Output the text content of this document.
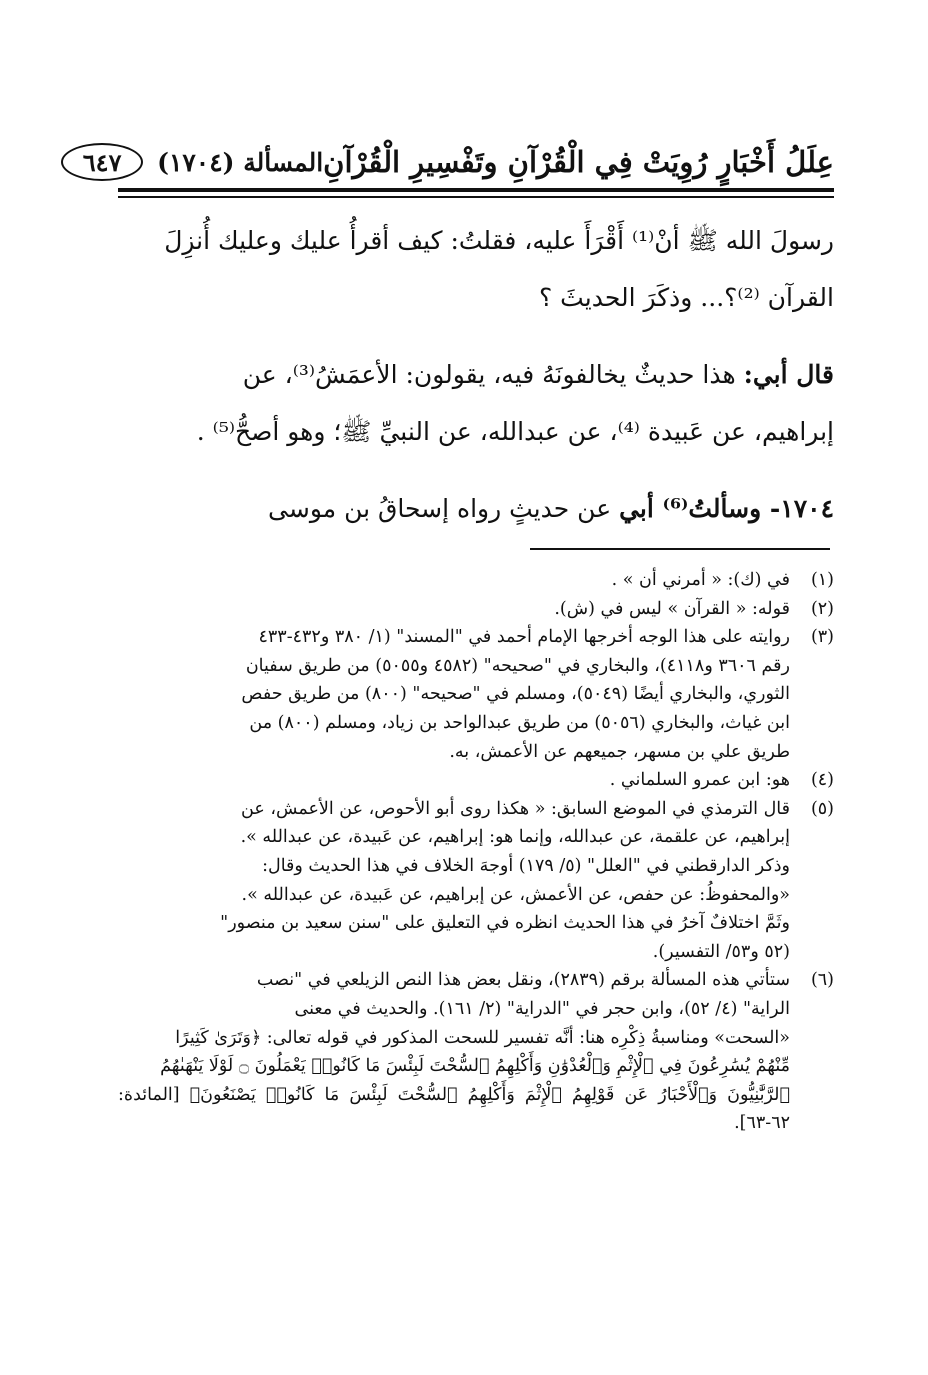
عِلَلُ أَخْبَارٍ رُوِيَتْ فِي الْقُرْآنِ وتَفْسِيرِ الْقُرْآنِ
المسألة (١٧٠٤)
٦٤٧

رسولَ الله ﷺ أنْ⁽¹⁾ أَقْرَأَ عليه، فقلتُ: كيف أقرأُ عليك وعليك أُنزِلَ

القرآن ⁽²⁾؟... وذكَرَ الحديثَ ؟

قال أبي: هذا حديثٌ يخالفونَهُ فيه، يقولون: الأعمَشُ⁽³⁾، عن

إبراهيم، عن عَبيدة ⁽⁴⁾، عن عبدالله، عن النبيِّ ﷺ؛ وهو أصحُّ⁽⁵⁾ .

١٧٠٤- وسألتُ⁽⁶⁾ أبي عن حديثٍ رواه إسحاقُ بن موسى

(١)
في (ك): « أمرني أن » .
(٢)
قوله: « القرآن » ليس في (ش).
(٣)
روايته على هذا الوجه أخرجها الإمام أحمد في "المسند" (١/ ٣٨٠ و٤٣٢-٤٣٣
رقم ٣٦٠٦ و٤١١٨)، والبخاري في "صحيحه" (٤٥٨٢ و٥٠٥٥) من طريق سفيان
الثوري، والبخاري أيضًا (٥٠٤٩)، ومسلم في "صحيحه" (٨٠٠) من طريق حفص
ابن غياث، والبخاري (٥٠٥٦) من طريق عبدالواحد بن زياد، ومسلم (٨٠٠) من
طريق علي بن مسهر، جميعهم عن الأعمش، به.
(٤)
هو: ابن عمرو السلماني .
(٥)
قال الترمذي في الموضع السابق: « هكذا روى أبو الأحوص، عن الأعمش، عن
إبراهيم، عن علقمة، عن عبدالله، وإنما هو: إبراهيم، عن عَبيدة، عن عبدالله ».
وذكر الدارقطني في "العلل" (٥/ ١٧٩) أوجهَ الخلاف في هذا الحديث وقال:
«والمحفوظُ: عن حفص، عن الأعمش، عن إبراهيم، عن عَبيدة، عن عبدالله ».
وثَمَّ اختلافٌ آخرُ في هذا الحديث انظره في التعليق على "سنن سعيد بن منصور"
(٥٢ و٥٣/ التفسير).
(٦)
ستأتي هذه المسألة برقم (٢٨٣٩)، ونقل بعض هذا النص الزيلعي في "نصب
الراية" (٤/ ٥٢)، وابن حجر في "الدراية" (٢/ ١٦١). والحديث في معنى
«السحت» ومناسبةُ ذِكْرِه هنا: أنَّه تفسير للسحت المذكور في قوله تعالى: ﴿وَتَرَىٰ كَثِيرًا
مِّنْهُمْ يُسَٰرِعُونَ فِي ٱلْإِثْمِ وَٱلْعُدْوَٰنِ وَأَكْلِهِمُ ٱلسُّحْتَ لَبِئْسَ مَا كَانُوا۟ يَعْمَلُونَ ۝ لَوْلَا يَنْهَىٰهُمُ
ٱلرَّبَّٰنِيُّونَ وَٱلْأَحْبَارُ عَن قَوْلِهِمُ ٱلْإِثْمَ وَأَكْلِهِمُ ٱلسُّحْتَ لَبِئْسَ مَا كَانُوا۟ يَصْنَعُونَ﴾ [المائدة: ٦٢-٦٣].
